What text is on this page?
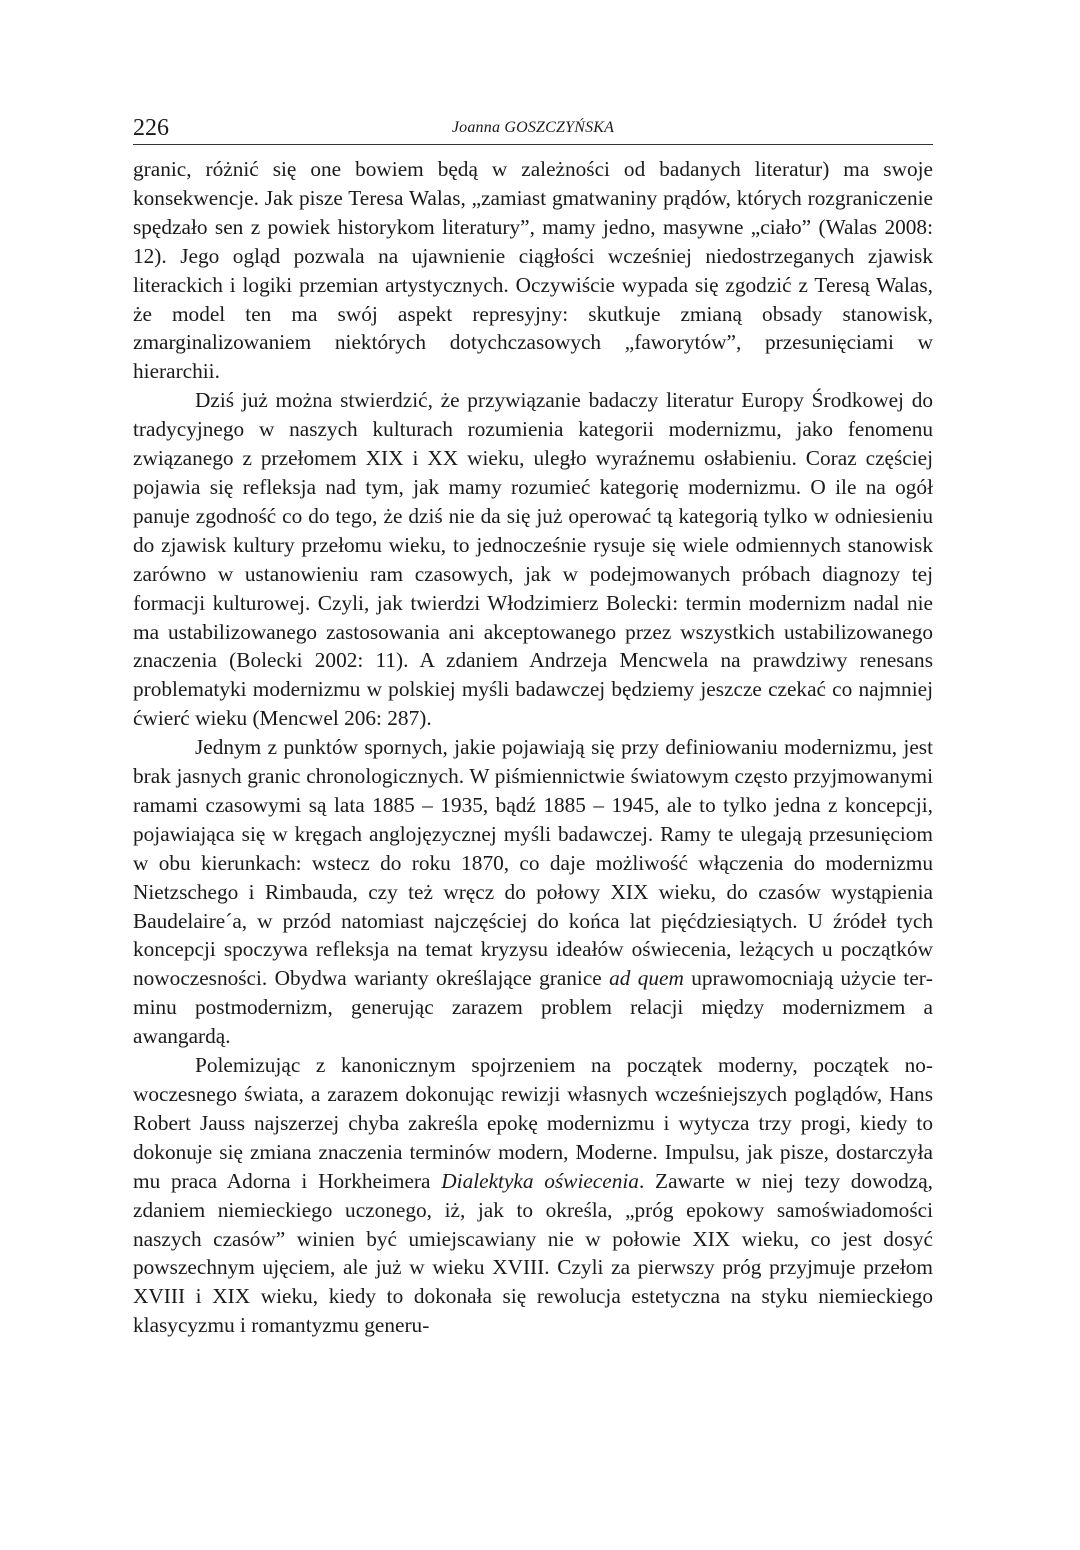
226	Joanna GOSZCZYŃSKA

granic, różnić się one bowiem będą w zależności od badanych literatur) ma swoje konsekwencje. Jak pisze Teresa Walas, „zamiast gmatwaniny prądów, których rozgraniczenie spędzało sen z powiek historykom literatury”, mamy jedno, masywne „ciało” (Walas 2008: 12). Jego ogląd pozwala na ujawnienie ciągłości wcześniej niedostrzeganych zjawisk literackich i logiki przemian artystycznych. Oczywiście wypada się zgodzić z Teresą Walas, że model ten ma swój aspekt represyjny: skutkuje zmianą obsady stanowisk, zmarginalizowaniem niektórych dotychczasowych „faworytów”, przesunięciami w hierarchii.

Dziś już można stwierdzić, że przywiązanie badaczy literatur Europy Środkowej do tradycyjnego w naszych kulturach rozumienia kategorii modernizmu, jako fenomenu związanego z przełomem XIX i XX wieku, uległo wyraźnemu osłabieniu. Coraz częściej pojawia się refleksja nad tym, jak mamy rozumieć kategorię modernizmu. O ile na ogół panuje zgodność co do tego, że dziś nie da się już operować tą kategorią tylko w odniesieniu do zjawisk kultury przełomu wieku, to jednocześnie rysuje się wiele odmiennych stanowisk zarówno w ustanowieniu ram czasowych, jak w podejmowanych próbach diagnozy tej formacji kulturowej. Czyli, jak twierdzi Włodzimierz Bolecki: termin modernizm nadal nie ma ustabilizowanego zastosowania ani akceptowanego przez wszystkich ustabilizowanego znaczenia (Bolecki 2002: 11). A zdaniem Andrzeja Mencwela na prawdziwy renesans problematyki modernizmu w polskiej myśli badawczej będziemy jeszcze czekać co najmniej ćwierć wieku (Mencwel 206: 287).

Jednym z punktów spornych, jakie pojawiają się przy definiowaniu modernizmu, jest brak jasnych granic chronologicznych. W piśmiennictwie światowym często przyjmowanymi ramami czasowymi są lata 1885 – 1935, bądź 1885 – 1945, ale to tylko jedna z koncepcji, pojawiająca się w kręgach anglojęzycznej myśli badawczej. Ramy te ulegają przesunięciom w obu kierunkach: wstecz do roku 1870, co daje możliwość włączenia do modernizmu Nietzschego i Rimbauda, czy też wręcz do połowy XIX wieku, do czasów wystąpienia Baudelaire´a, w przód natomiast najczęściej do końca lat pięćdziesiątych. U źródeł tych koncepcji spoczywa refleksja na temat kryzysu ideałów oświecenia, leżących u początków nowoczesności. Obydwa warianty określające granice ad quem uprawomocniają użycie terminu postmodernizm, generując zarazem problem relacji między modernizmem a awangardą.

Polemizując z kanonicznym spojrzeniem na początek moderny, początek nowoczesnego świata, a zarazem dokonując rewizji własnych wcześniejszych poglądów, Hans Robert Jauss najszerzej chyba zakreśla epokę modernizmu i wytycza trzy progi, kiedy to dokonuje się zmiana znaczenia terminów modern, Moderne. Impulsu, jak pisze, dostarczyła mu praca Adorna i Horkheimera Dialektyka oświecenia. Zawarte w niej tezy dowodzą, zdaniem niemieckiego uczonego, iż, jak to określa, „próg epokowy samoświadomości naszych czasów” winien być umiejscawiany nie w połowie XIX wieku, co jest dosyć powszechnym ujęciem, ale już w wieku XVIII. Czyli za pierwszy próg przyjmuje przełom XVIII i XIX wieku, kiedy to dokonała się rewolucja estetyczna na styku niemieckiego klasycyzmu i romantyzmu generu-
